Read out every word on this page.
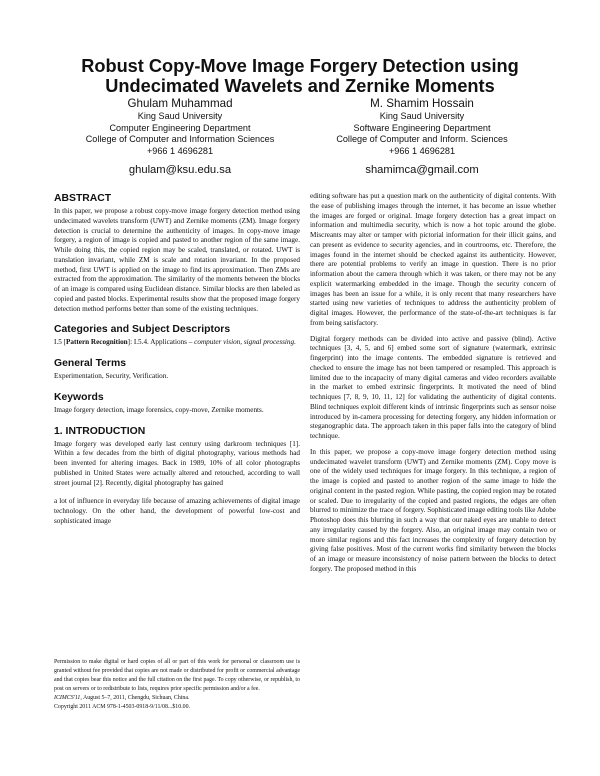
Robust Copy-Move Image Forgery Detection using
Undecimated Wavelets and Zernike Moments
Ghulam Muhammad
King Saud University
Computer Engineering Department
College of Computer and Information Sciences
+966 1 4696281
ghulam@ksu.edu.sa
M. Shamim Hossain
King Saud University
Software Engineering Department
College of Computer and Inform. Sciences
+966 1 4696281
shamimca@gmail.com
ABSTRACT

In this paper, we propose a robust copy-move image forgery detection method using undecimated wavelets transform (UWT) and Zernike moments (ZM). Image forgery detection is crucial to determine the authenticity of images. In copy-move image forgery, a region of image is copied and pasted to another region of the same image. While doing this, the copied region may be scaled, translated, or rotated. UWT is translation invariant, while ZM is scale and rotation invariant. In the proposed method, first UWT is applied on the image to find its approximation. Then ZMs are extracted from the approximation. The similarity of the moments between the blocks of an image is compared using Euclidean distance. Similar blocks are then labeled as copied and pasted blocks. Experimental results show that the proposed image forgery detection method performs better than some of the existing techniques.

Categories and Subject Descriptors

I.5 [Pattern Recognition]: I.5.4. Applications – computer vision, signal processing.

General Terms

Experimentation, Security, Verification.

Keywords

Image forgery detection, image forensics, copy-move, Zernike moments.

1. INTRODUCTION

Image forgery was developed early last century using darkroom techniques [1]. Within a few decades from the birth of digital photography, various methods had been invented for altering images. Back in 1989, 10% of all color photographs published in United States were actually altered and retouched, according to wall street journal [2]. Recently, digital photography has gained

a lot of influence in everyday life because of amazing achievements of digital image technology. On the other hand, the development of powerful low-cost and sophisticated image

Permission to make digital or hard copies of all or part of this work for personal or classroom use is granted without fee provided that copies are not made or distributed for profit or commercial advantage and that copies bear this notice and the full citation on the first page. To copy otherwise, or republish, to post on servers or to redistribute to lists, requires prior specific permission and/or a fee.
ICIMCS'11, August 5–7, 2011, Chengdu, Sichuan, China.
Copyright 2011 ACM 978-1-4503-0918-9/11/08...$10.00.

editing software has put a question mark on the authenticity of digital contents. With the ease of publishing images through the internet, it has become an issue whether the images are forged or original. Image forgery detection has a great impact on information and multimedia security, which is now a hot topic around the globe. Miscreants may alter or tamper with pictorial information for their illicit gains, and can present as evidence to security agencies, and in courtrooms, etc. Therefore, the images found in the internet should be checked against its authenticity. However, there are potential problems to verify an image in question. There is no prior information about the camera through which it was taken, or there may not be any explicit watermarking embedded in the image. Though the security concern of images has been an issue for a while, it is only recent that many researchers have started using new varieties of techniques to address the authenticity problem of digital images. However, the performance of the state-of-the-art techniques is far from being satisfactory.

Digital forgery methods can be divided into active and passive (blind). Active techniques [3, 4, 5, and 6] embed some sort of signature (watermark, extrinsic fingerprint) into the image contents. The embedded signature is retrieved and checked to ensure the image has not been tampered or resampled. This approach is limited due to the incapacity of many digital cameras and video recorders available in the market to embed extrinsic fingerprints. It motivated the need of blind techniques [7, 8, 9, 10, 11, 12] for validating the authenticity of digital contents. Blind techniques exploit different kinds of intrinsic fingerprints such as sensor noise introduced by in-camera processing for detecting forgery, any hidden information or steganographic data. The approach taken in this paper falls into the category of blind technique.

In this paper, we propose a copy-move image forgery detection method using undecimated wavelet transform (UWT) and Zernike moments (ZM). Copy move is one of the widely used techniques for image forgery. In this technique, a region of the image is copied and pasted to another region of the same image to hide the original content in the pasted region. While pasting, the copied region may be rotated or scaled. Due to irregularity of the copied and pasted regions, the edges are often blurred to minimize the trace of forgery. Sophisticated image editing tools like Adobe Photoshop does this blurring in such a way that our naked eyes are unable to detect any irregularity caused by the forgery. Also, an original image may contain two or more similar regions and this fact increases the complexity of forgery detection by giving false positives. Most of the current works find similarity between the blocks of an image or measure inconsistency of noise pattern between the blocks to detect forgery. The proposed method in this
